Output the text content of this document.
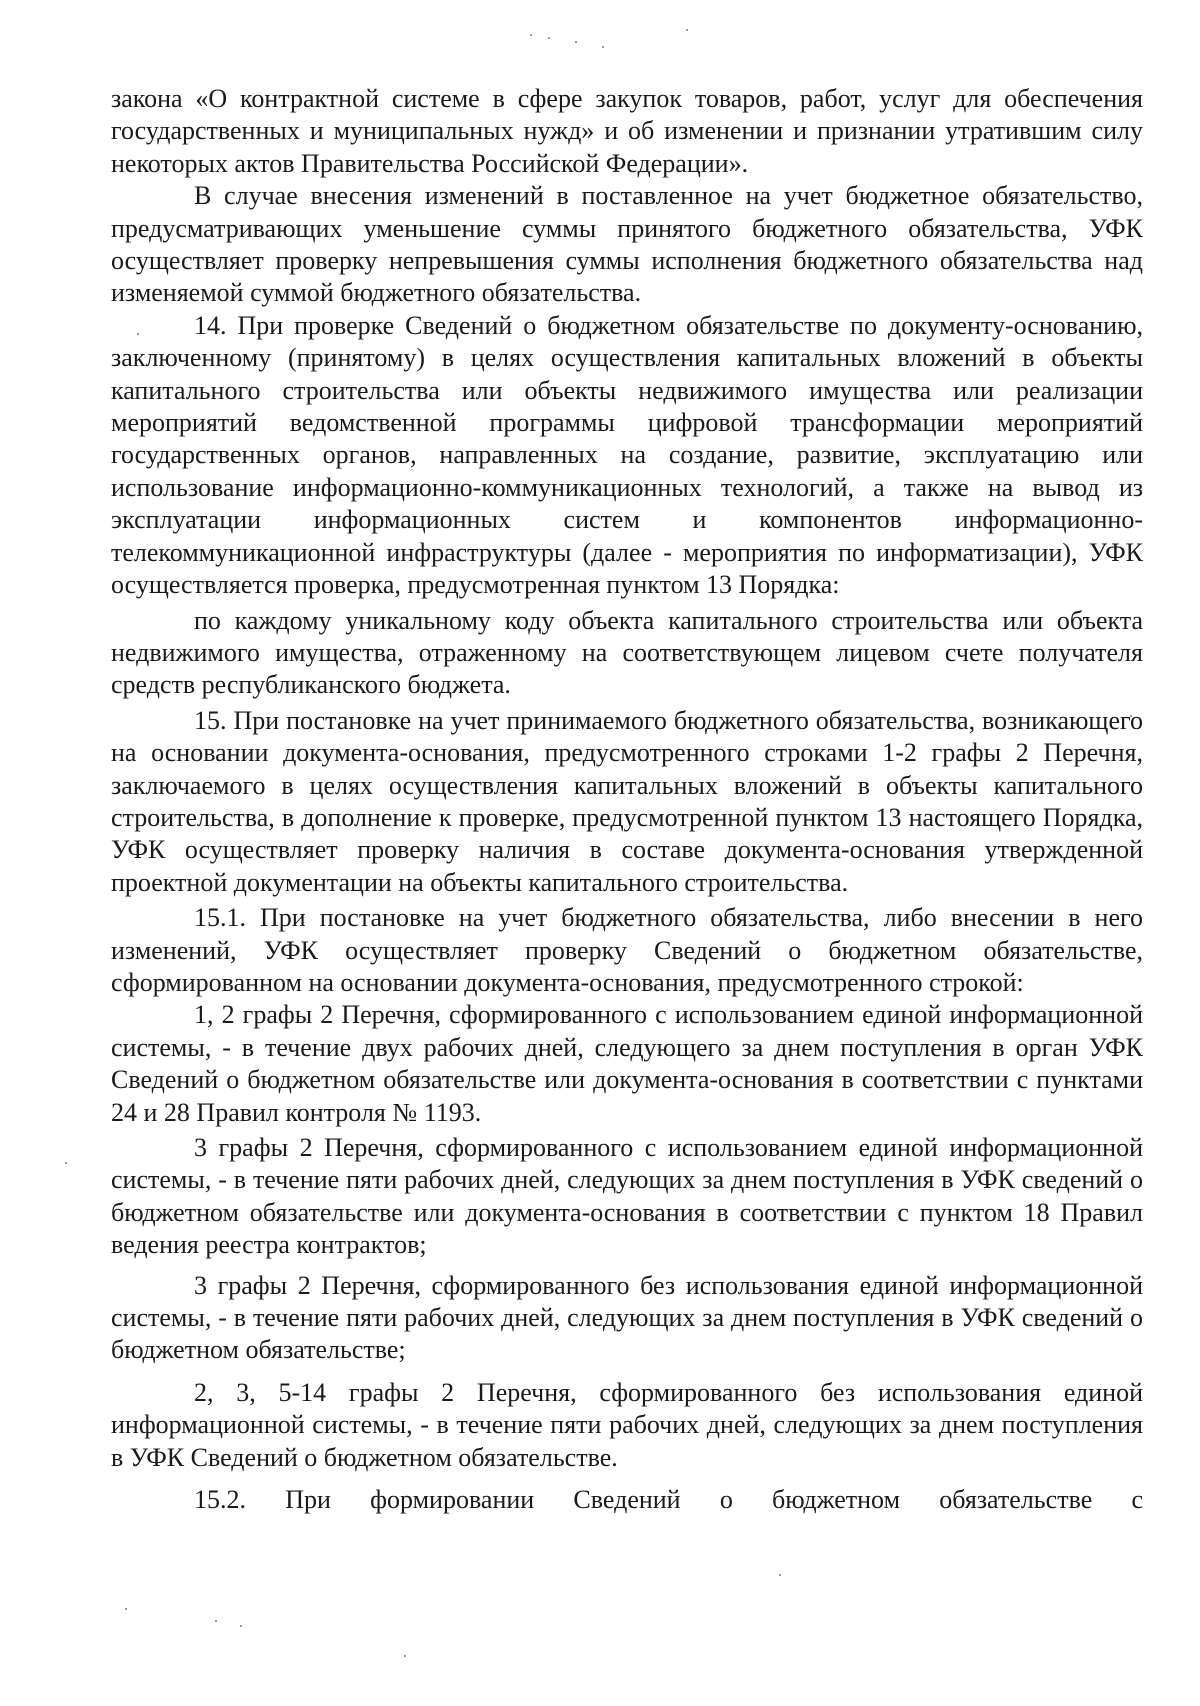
закона «О контрактной системе в сфере закупок товаров, работ, услуг для обеспечения государственных и муниципальных нужд» и об изменении и признании утратившим силу некоторых актов Правительства Российской Федерации».

В случае внесения изменений в поставленное на учет бюджетное обязательство, предусматривающих уменьшение суммы принятого бюджетного обязательства, УФК осуществляет проверку непревышения суммы исполнения бюджетного обязательства над изменяемой суммой бюджетного обязательства.

14. При проверке Сведений о бюджетном обязательстве по документу-основанию, заключенному (принятому) в целях осуществления капитальных вложений в объекты капитального строительства или объекты недвижимого имущества или реализации мероприятий ведомственной программы цифровой трансформации мероприятий государственных органов, направленных на создание, развитие, эксплуатацию или использование информационно-коммуникационных технологий, а также на вывод из эксплуатации информационных систем и компонентов информационно-телекоммуникационной инфраструктуры (далее - мероприятия по информатизации), УФК осуществляется проверка, предусмотренная пунктом 13 Порядка:

по каждому уникальному коду объекта капитального строительства или объекта недвижимого имущества, отраженному на соответствующем лицевом счете получателя средств республиканского бюджета.

15. При постановке на учет принимаемого бюджетного обязательства, возникающего на основании документа-основания, предусмотренного строками 1-2 графы 2 Перечня, заключаемого в целях осуществления капитальных вложений в объекты капитального строительства, в дополнение к проверке, предусмотренной пунктом 13 настоящего Порядка, УФК осуществляет проверку наличия в составе документа-основания утвержденной проектной документации на объекты капитального строительства.

15.1. При постановке на учет бюджетного обязательства, либо внесении в него изменений, УФК осуществляет проверку Сведений о бюджетном обязательстве, сформированном на основании документа-основания, предусмотренного строкой:

1, 2 графы 2 Перечня, сформированного с использованием единой информационной системы, - в течение двух рабочих дней, следующего за днем поступления в орган УФК Сведений о бюджетном обязательстве или документа-основания в соответствии с пунктами 24 и 28 Правил контроля № 1193.

3 графы 2 Перечня, сформированного с использованием единой информационной системы, - в течение пяти рабочих дней, следующих за днем поступления в УФК сведений о бюджетном обязательстве или документа-основания в соответствии с пунктом 18 Правил ведения реестра контрактов;

3 графы 2 Перечня, сформированного без использования единой информационной системы, - в течение пяти рабочих дней, следующих за днем поступления в УФК сведений о бюджетном обязательстве;

2, 3, 5-14 графы 2 Перечня, сформированного без использования единой информационной системы, - в течение пяти рабочих дней, следующих за днем поступления в УФК Сведений о бюджетном обязательстве.

15.2. При формировании Сведений о бюджетном обязательстве с
